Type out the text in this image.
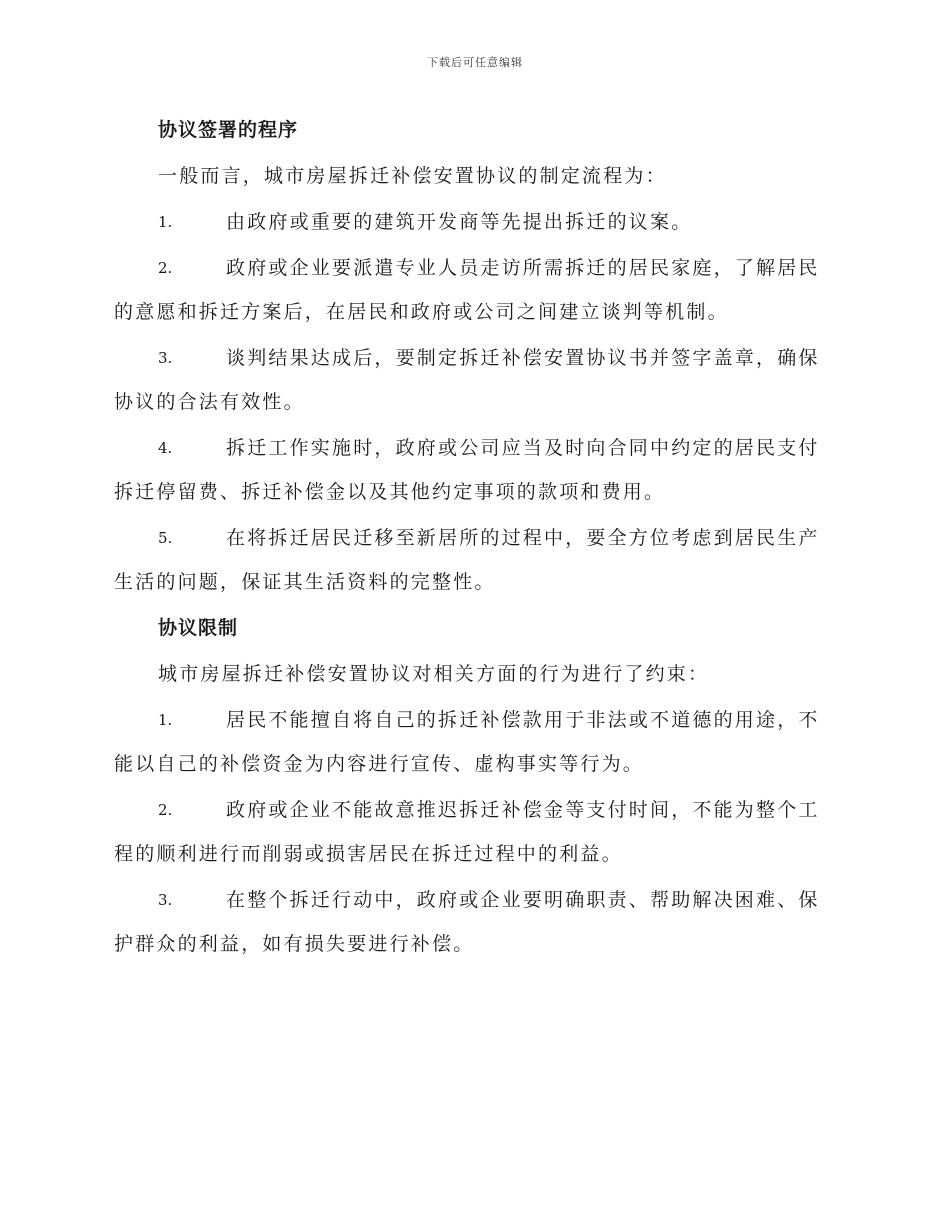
下载后可任意编辑
协议签署的程序

一般而言，城市房屋拆迁补偿安置协议的制定流程为：

1.	由政府或重要的建筑开发商等先提出拆迁的议案。
2.	政府或企业要派遣专业人员走访所需拆迁的居民家庭，了解居民的意愿和拆迁方案后，在居民和政府或公司之间建立谈判等机制。
3.	谈判结果达成后，要制定拆迁补偿安置协议书并签字盖章，确保协议的合法有效性。
4.	拆迁工作实施时，政府或公司应当及时向合同中约定的居民支付拆迁停留费、拆迁补偿金以及其他约定事项的款项和费用。
5.	在将拆迁居民迁移至新居所的过程中，要全方位考虑到居民生产生活的问题，保证其生活资料的完整性。
协议限制

城市房屋拆迁补偿安置协议对相关方面的行为进行了约束：

1.	居民不能擅自将自己的拆迁补偿款用于非法或不道德的用途，不能以自己的补偿资金为内容进行宣传、虚构事实等行为。
2.	政府或企业不能故意推迟拆迁补偿金等支付时间，不能为整个工程的顺利进行而削弱或损害居民在拆迁过程中的利益。
3.	在整个拆迁行动中，政府或企业要明确职责、帮助解决困难、保护群众的利益，如有损失要进行补偿。
